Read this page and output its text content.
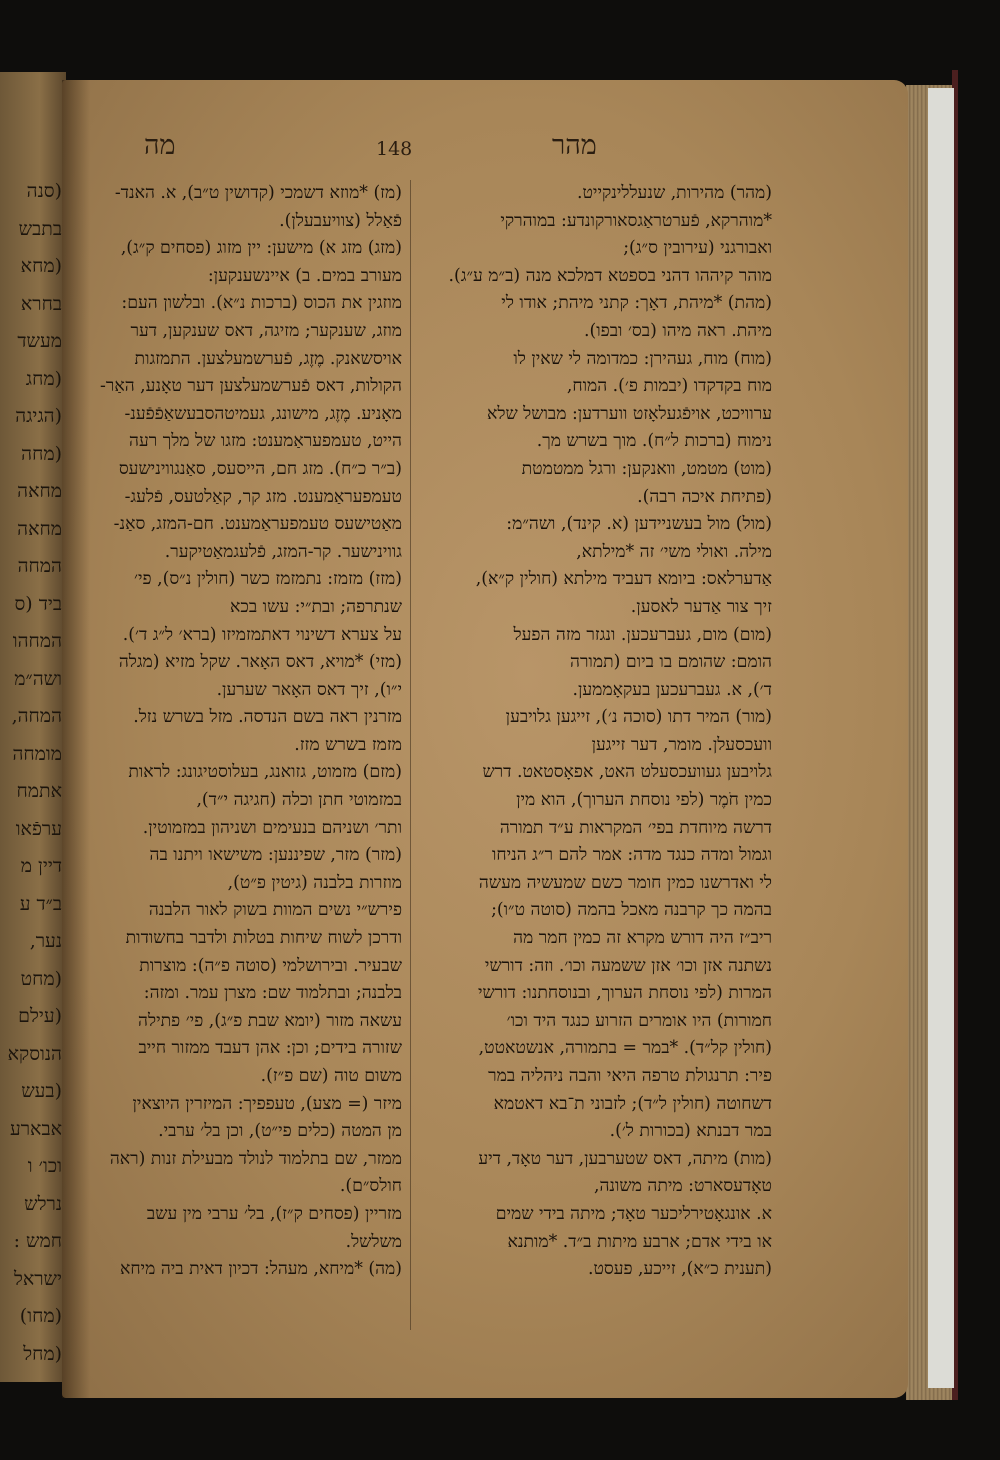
(סנה
בתבש
(מחא
בחרא
מעשד
(מחג
(הגיגה
(מחה
מחאה
מחאה
המחה
ביד (ס
המחהו
ושה״מ
המחה,
מומחה
אתמח
ערפֿאו
דיין מ
ב״ד ע
נער,
(מחט
(עילם
הנוסקא
(בעש
אבארע
וכו׳ ו
נרלש
חמש :
ישראל
(מחו)
(מחל
מה	148	מהר

(מז) *מוזא דשמכי (קדושין ט״ב), א. האנד-

פֿאַלל (צוויעבעלן).

(מזג) מזג א) מישען: יין מזוג (פסחים ק״ג),

מעורב במים. ב) איינשענקען:

מוזגין את הכוס (ברכות נ״א). ובלשון העם:

מוזג, שענקער; מזיגה, דאס שענקען, דער

אויסשאנק. מֶזֶג, פֿערשמעלצען. התמזגות

הקולות, דאס פֿערשמעלצען דער טאָנע, האַר-

מאָניע. מֶזֶג, מישונג, געמיטהסבעשאַפֿפֿענ-

הייט, טעמפעראַמענט: מזגו של מלך רעה

(ב״ר כ״ח). מזג חם, הייסעס, סאַנגווינישעס

טעמפעראַמענט. מזג קר, קאַלטעס, פֿלעג-

מאַטישעס טעמפעראַמענט. חם-המזג, סאַנ-

גווינישער. קר-המזג, פֿלעגמאַטיקער.

(מזז) מזמז: נתמזמז כשר (חולין נ״ס), פי׳

שנתרפה; ובת״י: עשו בכא

על צערא דשינוי דאתמזמיזו (ברא׳ ל״ג ד׳).

(מזי) *מויא, דאס האָאר. שקל מזיא (מגלה

י״ו), זיך דאס האָאר שערען.

מזרנין ראה בשם הנדסה. מזל בשרש נזל.

מזמז בשרש מזז.

(מזם) מזמוט, גזואנג, בעלוסטיגונג: לראות

במזמוטי חתן וכלה (חגיגה י״ד),

ותר׳ ושניהם בנעימים ושניהון במזמוטין.

(מזר) מזר, שפיננען: משישאו ויתנו בה

מוזרות בלבנה (גיטין פ״ט),

פירש״י נשים המוות בשוק לאור הלבנה

ודרכן לשוח שיחות בטלות ולדבר בחשודות

שבעיר. ובירושלמי (סוטה פ״ה): מוצרות

בלבנה; ובתלמוד שם: מצרן עמר. ומזה:

עשאה מזור (יומא שבת פ״ג), פי׳ פתילה

שזורה בידים; וכן: אהן דעבד ממזור חייב

משום טוה (שם פ״ז).

מיזר (= מצע), טעפפיך: המיזרין היוצאין

מן המטה (כלים פי״ט), וכן בל׳ ערבי.

ממזר, שם בתלמוד לנולד מבעילת זנות (ראה

חולס״ם).

מזריין (פסחים ק״ז), בל׳ ערבי מין עשב

משלשל.

(מה) *מיחא, מעהל: דכיון דאית ביה מיחא

(מהר) מהירות, שנעללינקייט.

*מוהרקא, פֿערטראַגסאורקונדע: במוהרקי

ואבורגני (עירובין ס״ג);

מוהר קיההו דהני בספטא דמלכא מנה (ב״מ ע״ג).

(מהת) *מיהת, דאָך: קתני מיהת; אודו לי

מיהת. ראה מיהו (בס׳ ובפו).

(מוח) מוח, געהירן: כמדומה לי שאין לו

מוח בקדקדו (יבמות פ׳). המוח,

ערוויכט, אויפֿגעלאָזט ווערדען: מבושל שלא

נימוח (ברכות ל״ח). מוך בשרש מך.

(מוט) מטמט, וואנקען: ורגל ממטמטת

(פתיחת איכה רבה).

(מול) מול בעשניידען (א. קינד), ושה״מ:

מילה. ואולי משי׳ זה *מילתא,

אַדערלאס: ביומא דעביד מילתא (חולין ק״א),

זיך צור אַדער לאסען.

(מום) מום, געברעכען. ונגזר מזה הפעל

הומם: שהומם בו ביום (תמורה

ד׳), א. געברעכען בעקאָממען.

(מור) המיר דתו (סוכה נ׳), זייגען גלויבען

וועכסעלן. מומר, דער זייגען

גלויבען געוועכסעלט האט, אפאָסטאט. דרש

כמין חֹמֶר (לפי נוסחת הערוך), הוא מין

דרשה מיוחדת בפי׳ המקראות ע״ד תמורה

וגמול ומדה כנגד מדה: אמר להם ר״ג הניחו

לי ואדרשנו כמין חומר כשם שמעשיה מעשה

בהמה כך קרבנה מאכל בהמה (סוטה ט״ו);

ריב״ז היה דורש מקרא זה כמין חמר מה

נשתנה אזן וכו׳ אזן ששמעה וכו׳. וזה: דורשי

המרות (לפי נוסחת הערוך, ובנוסחתנו: דורשי

חמורות) היו אומרים הזרוע כנגד היד וכו׳

(חולין קל״ד). *במר = בתמורה, אנשטאטט,

פיר: תרנגולת טרפה היאי והבה ניהליה במר

דשחוטה (חולין ל״ד); לזבוני ת־בא דאטמא

במר דבנתא (בכורות ל׳).

(מות) מיתה, דאס שטערבען, דער טאָד, דיע

טאָדעסארט: מיתה משונה,

א. אונגאָטירליכער טאָד; מיתה בידי שמים

או בידי אדם; ארבע מיתות ב״ד. *מותנא

(תענית כ״א), זייכע, פעסט.
